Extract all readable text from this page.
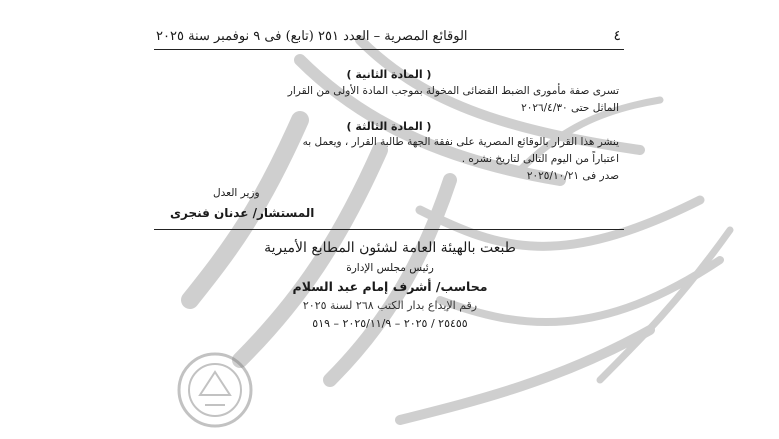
٤
الوقائع المصرية – العدد ٢٥١ (تابع) فى ٩ نوفمبر سنة ٢٠٢٥
( المادة الثانية )
تسرى صفة مأمورى الضبط القضائى المخولة بموجب المادة الأولى من القرار
الماثل حتى ٢٠٢٦/٤/٣٠
( المادة الثالثة )
ينشر هذا القرار بالوقائع المصرية على نفقة الجهة طالبة القرار ، ويعمل به
اعتباراً من اليوم التالى لتاريخ نشره .
صدر فى ٢٠٢٥/١٠/٢١
وزير العدل
المستشار/ عدنان فنجرى
طبعت بالهيئة العامة لشئون المطابع الأميرية
رئيس مجلس الإدارة
محاسب/ أشرف إمام عبد السلام
رقم الإيداع بدار الكتب ٢٦٨ لسنة ٢٠٢٥
٢٥٤٥٥ / ٢٠٢٥ – ٢٠٢٥/١١/٩ – ٥١٩
